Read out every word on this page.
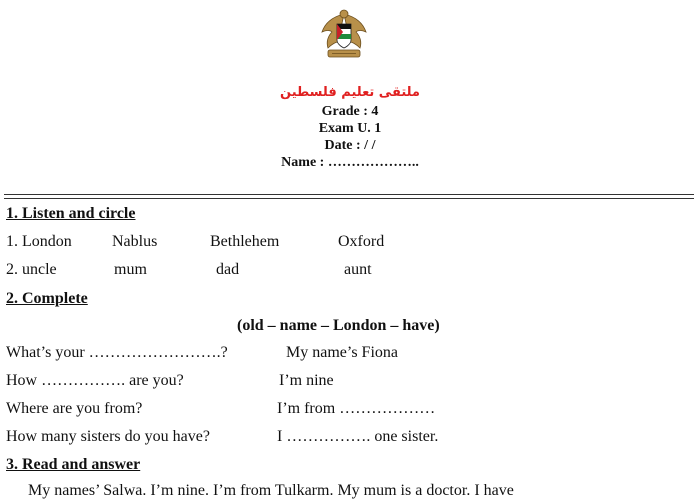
ملتقى تعليم فلسطين
Grade : 4
Exam U. 1
Date : / /
Name : ………………..
1. Listen and circle
1. London	Nablus	Bethlehem	Oxford
2. uncle	mum	dad	aunt
2. Complete
(old – name – London – have)
What’s your …………………….?	My name’s Fiona
How ……………. are you?	I’m nine
Where are you from?	I’m from ………………
How many sisters do you have?	I ……………. one sister.
3. Read and answer
My names’ Salwa. I’m nine. I’m from Tulkarm. My mum is a doctor. I have
